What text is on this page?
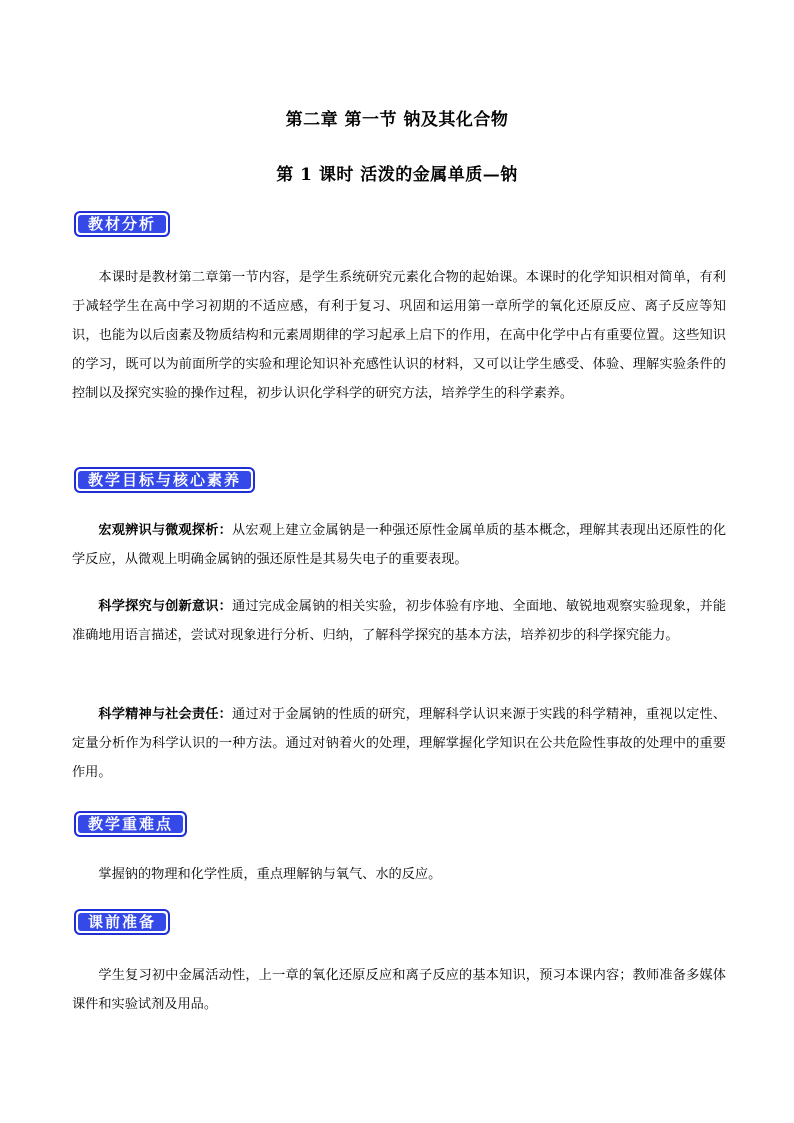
第二章 第一节 钠及其化合物
第 1 课时 活泼的金属单质—钠
教材分析
本课时是教材第二章第一节内容，是学生系统研究元素化合物的起始课。本课时的化学知识相对简单，有利于减轻学生在高中学习初期的不适应感，有利于复习、巩固和运用第一章所学的氧化还原反应、离子反应等知识，也能为以后卤素及物质结构和元素周期律的学习起承上启下的作用，在高中化学中占有重要位置。这些知识的学习，既可以为前面所学的实验和理论知识补充感性认识的材料，又可以让学生感受、体验、理解实验条件的控制以及探究实验的操作过程，初步认识化学科学的研究方法，培养学生的科学素养。
教学目标与核心素养
宏观辨识与微观探析：从宏观上建立金属钠是一种强还原性金属单质的基本概念，理解其表现出还原性的化学反应，从微观上明确金属钠的强还原性是其易失电子的重要表现。
科学探究与创新意识：通过完成金属钠的相关实验，初步体验有序地、全面地、敏锐地观察实验现象，并能准确地用语言描述，尝试对现象进行分析、归纳，了解科学探究的基本方法，培养初步的科学探究能力。
科学精神与社会责任：通过对于金属钠的性质的研究，理解科学认识来源于实践的科学精神，重视以定性、定量分析作为科学认识的一种方法。通过对钠着火的处理，理解掌握化学知识在公共危险性事故的处理中的重要作用。
教学重难点
掌握钠的物理和化学性质，重点理解钠与氧气、水的反应。
课前准备
学生复习初中金属活动性，上一章的氧化还原反应和离子反应的基本知识，预习本课内容；教师准备多媒体课件和实验试剂及用品。
